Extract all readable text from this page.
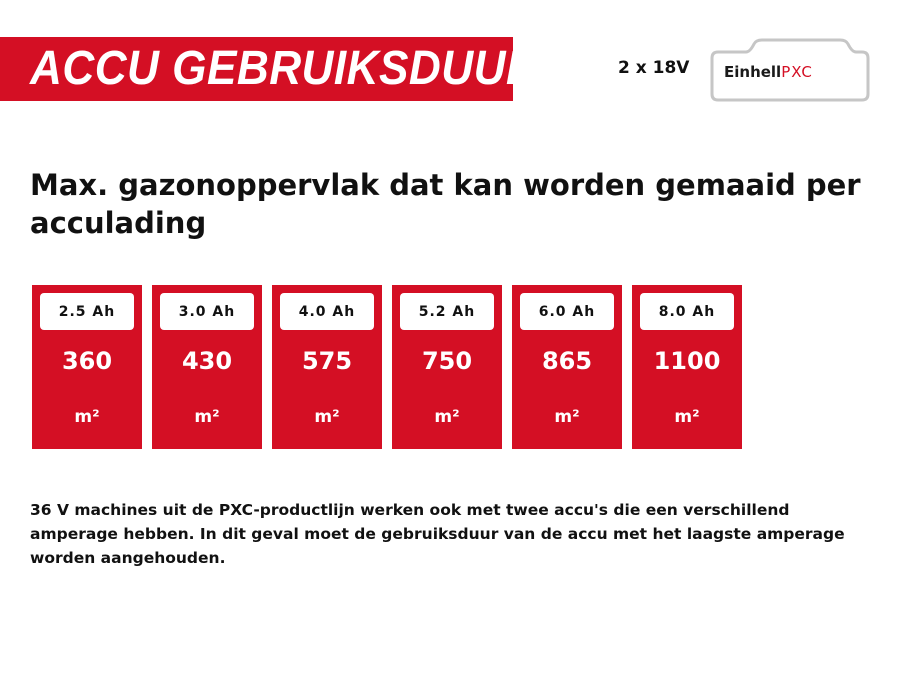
ACCU GEBRUIKSDUUR	2 x 18V EinhellPXC
Max. gazonoppervlak dat kan worden gemaaid per acculading
2.5 Ah
360
m²
3.0 Ah
430
m²
4.0 Ah
575
m²
5.2 Ah
750
m²
6.0 Ah
865
m²
8.0 Ah
1100
m²
36 V machines uit de PXC-productlijn werken ook met twee accu's die een verschillend amperage hebben. In dit geval moet de gebruiksduur van de accu met het laagste amperage worden aangehouden.
